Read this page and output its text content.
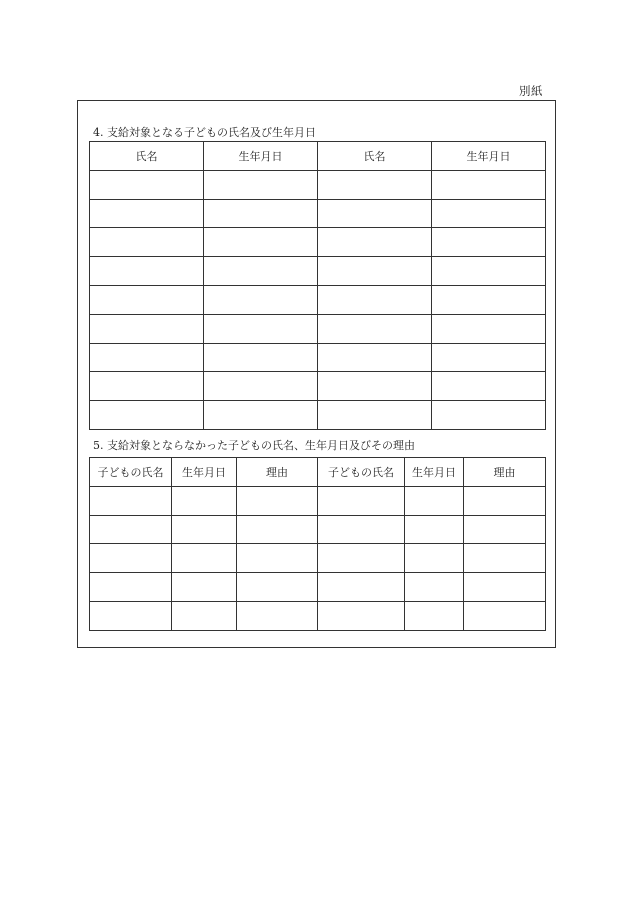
別紙
4. 支給対象となる子どもの氏名及び生年月日
氏名	生年月日	氏名	生年月日

5. 支給対象とならなかった子どもの氏名、生年月日及びその理由
子どもの氏名	生年月日	理由	子どもの氏名	生年月日	理由
